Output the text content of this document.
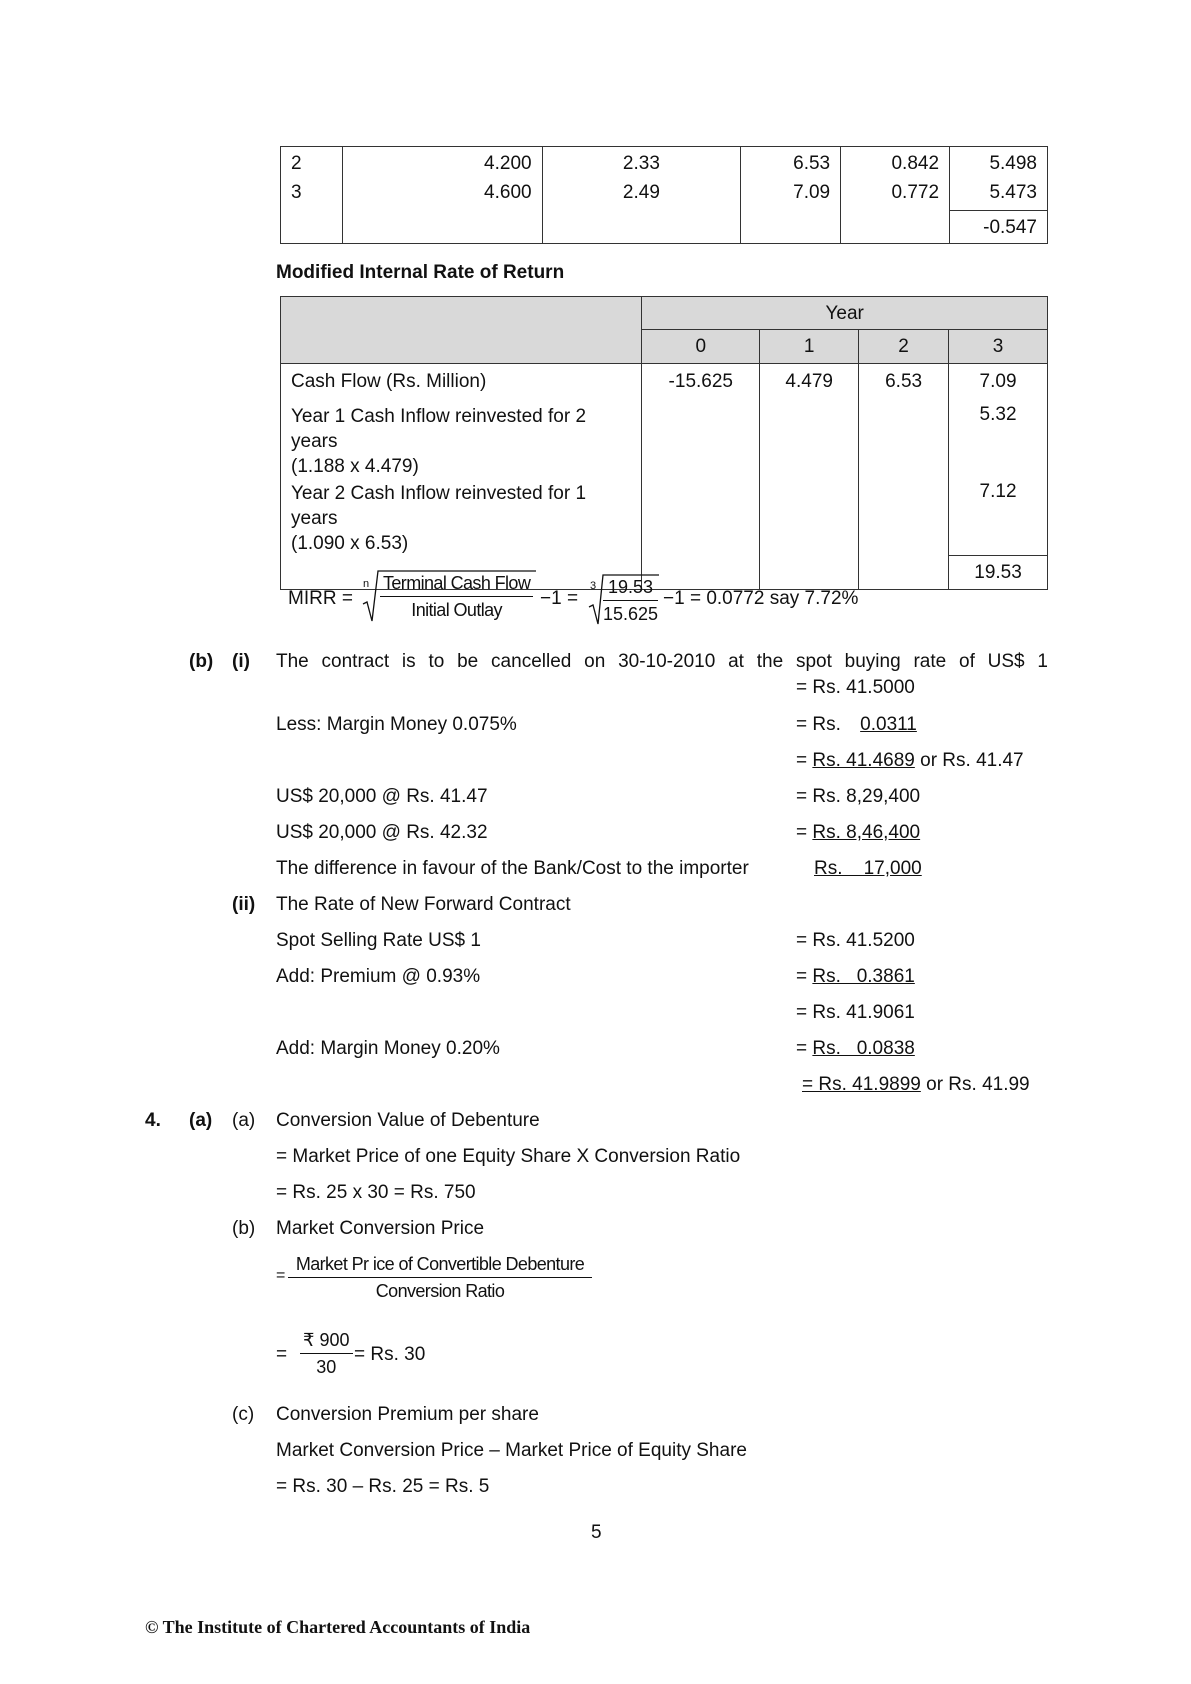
2	4.200	2.33	6.53	0.842	5.498
3	4.600	2.49	7.09	0.772	5.473
					-0.547
Modified Internal Rate of Return
	Year			
	0	1	2	3
Cash Flow (Rs. Million)	-15.625	4.479	6.53	7.09

Year 1 Cash Inflow reinvested for 2 years
(1.188 x 4.479)				5.32

Year 2 Cash Inflow reinvested for 1 years
(1.090 x 6.53)				7.12
				19.53
MIRR =
n Terminal Cash Flow
Initial Outlay
−1 =
$3 \frac{19.53}{15.625} -1 = 0.0772$ say 7.72%
(b) (i) The contract is to be cancelled on 30-10-2010 at the spot buying rate of US$ 1
= Rs. 41.5000
Less: Margin Money 0.075%	= Rs. 0.0311
= Rs. 41.4689 or Rs. 41.47
US$ 20,000 @ Rs. 41.47	= Rs. 8,29,400
US$ 20,000 @ Rs. 42.32	= Rs. 8,46,400
The difference in favour of the Bank/Cost to the importer	Rs.    17,000
(ii) The Rate of New Forward Contract
Spot Selling Rate US$ 1	= Rs. 41.5200
Add: Premium @ 0.93%	= Rs.   0.3861
= Rs. 41.9061
Add: Margin Money 0.20%	= Rs.   0.0838
= Rs. 41.9899 or Rs. 41.99
4. (a) (a) Conversion Value of Debenture
= Market Price of one Equity Share X Conversion Ratio
= Rs. 25 x 30 = Rs. 750
(b) Market Conversion Price
=
Market Pr ice of Convertible Debenture
Conversion Ratio
= $\frac{₹ 900}{30} = Rs$. 30
(c) Conversion Premium per share
Market Conversion Price – Market Price of Equity Share
= Rs. 30 – Rs. 25 = Rs. 5
5
© The Institute of Chartered Accountants of India
